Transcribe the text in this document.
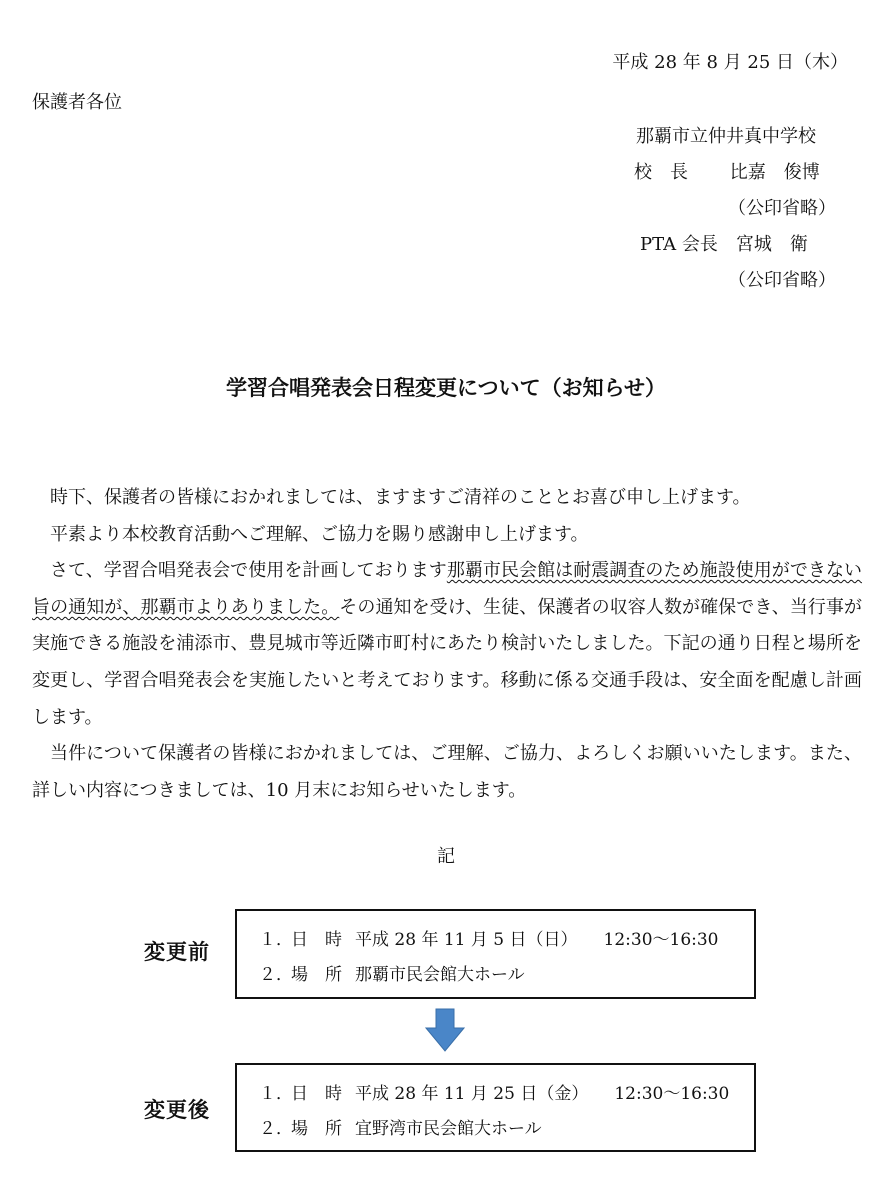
平成 28 年 8 月 25 日（木）
保護者各位
那覇市立仲井真中学校
校　長　　 比嘉　俊博
（公印省略）
PTA 会長　宮城　衛
（公印省略）
学習合唱発表会日程変更について（お知らせ）

時下、保護者の皆様におかれましては、ますますご清祥のこととお喜び申し上げます。

平素より本校教育活動へご理解、ご協力を賜り感謝申し上げます。

さて、学習合唱発表会で使用を計画しております那覇市民会館は耐震調査のため施設使用ができない旨の通知が、那覇市よりありました。その通知を受け、生徒、保護者の収容人数が確保でき、当行事が実施できる施設を浦添市、豊見城市等近隣市町村にあたり検討いたしました。下記の通り日程と場所を変更し、学習合唱発表会を実施したいと考えております。移動に係る交通手段は、安全面を配慮し計画します。

当件について保護者の皆様におかれましては、ご理解、ご協力、よろしくお願いいたします。また、詳しい内容につきましては、10 月末にお知らせいたします。

記
変更前	１．日　時 平成 28 年 11 月 5 日（日） 12:30～16:30
２．場　所 那覇市民会館大ホール
変更後
１．日　時 平成 28 年 11 月 25 日（金） 12:30～16:30
２．場　所 宜野湾市民会館大ホール
